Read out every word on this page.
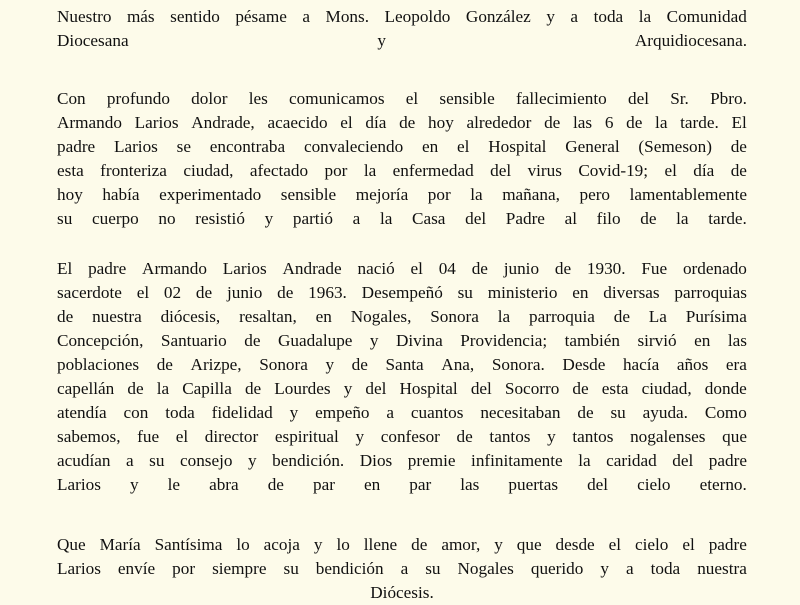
Nuestro más sentido pésame a Mons. Leopoldo González y a toda la Comunidad
Diocesana	y	Arquidiocesana.
Con profundo dolor les comunicamos el sensible fallecimiento del Sr. Pbro.
Armando Larios Andrade, acaecido el día de hoy alrededor de las 6 de la tarde. El
padre Larios se encontraba convaleciendo en el Hospital General (Semeson) de
esta fronteriza ciudad, afectado por la enfermedad del virus Covid-19; el día de
hoy había experimentado sensible mejoría por la mañana, pero lamentablemente
su cuerpo no resistió y partió a la Casa del Padre al filo de la tarde.
El padre Armando Larios Andrade nació el 04 de junio de 1930. Fue ordenado
sacerdote el 02 de junio de 1963. Desempeñó su ministerio en diversas parroquias
de nuestra diócesis, resaltan, en Nogales, Sonora la parroquia de La Purísima
Concepción, Santuario de Guadalupe y Divina Providencia; también sirvió en las
poblaciones de Arizpe, Sonora y de Santa Ana, Sonora. Desde hacía años era
capellán de la Capilla de Lourdes y del Hospital del Socorro de esta ciudad, donde
atendía con toda fidelidad y empeño a cuantos necesitaban de su ayuda. Como
sabemos, fue el director espiritual y confesor de tantos y tantos nogalenses que
acudían a su consejo y bendición. Dios premie infinitamente la caridad del padre
Larios y le abra de par en par las puertas del cielo eterno.
Que María Santísima lo acoja y lo llene de amor, y que desde el cielo el padre
Larios envíe por siempre su bendición a su Nogales querido y a toda nuestra
Diócesis.
